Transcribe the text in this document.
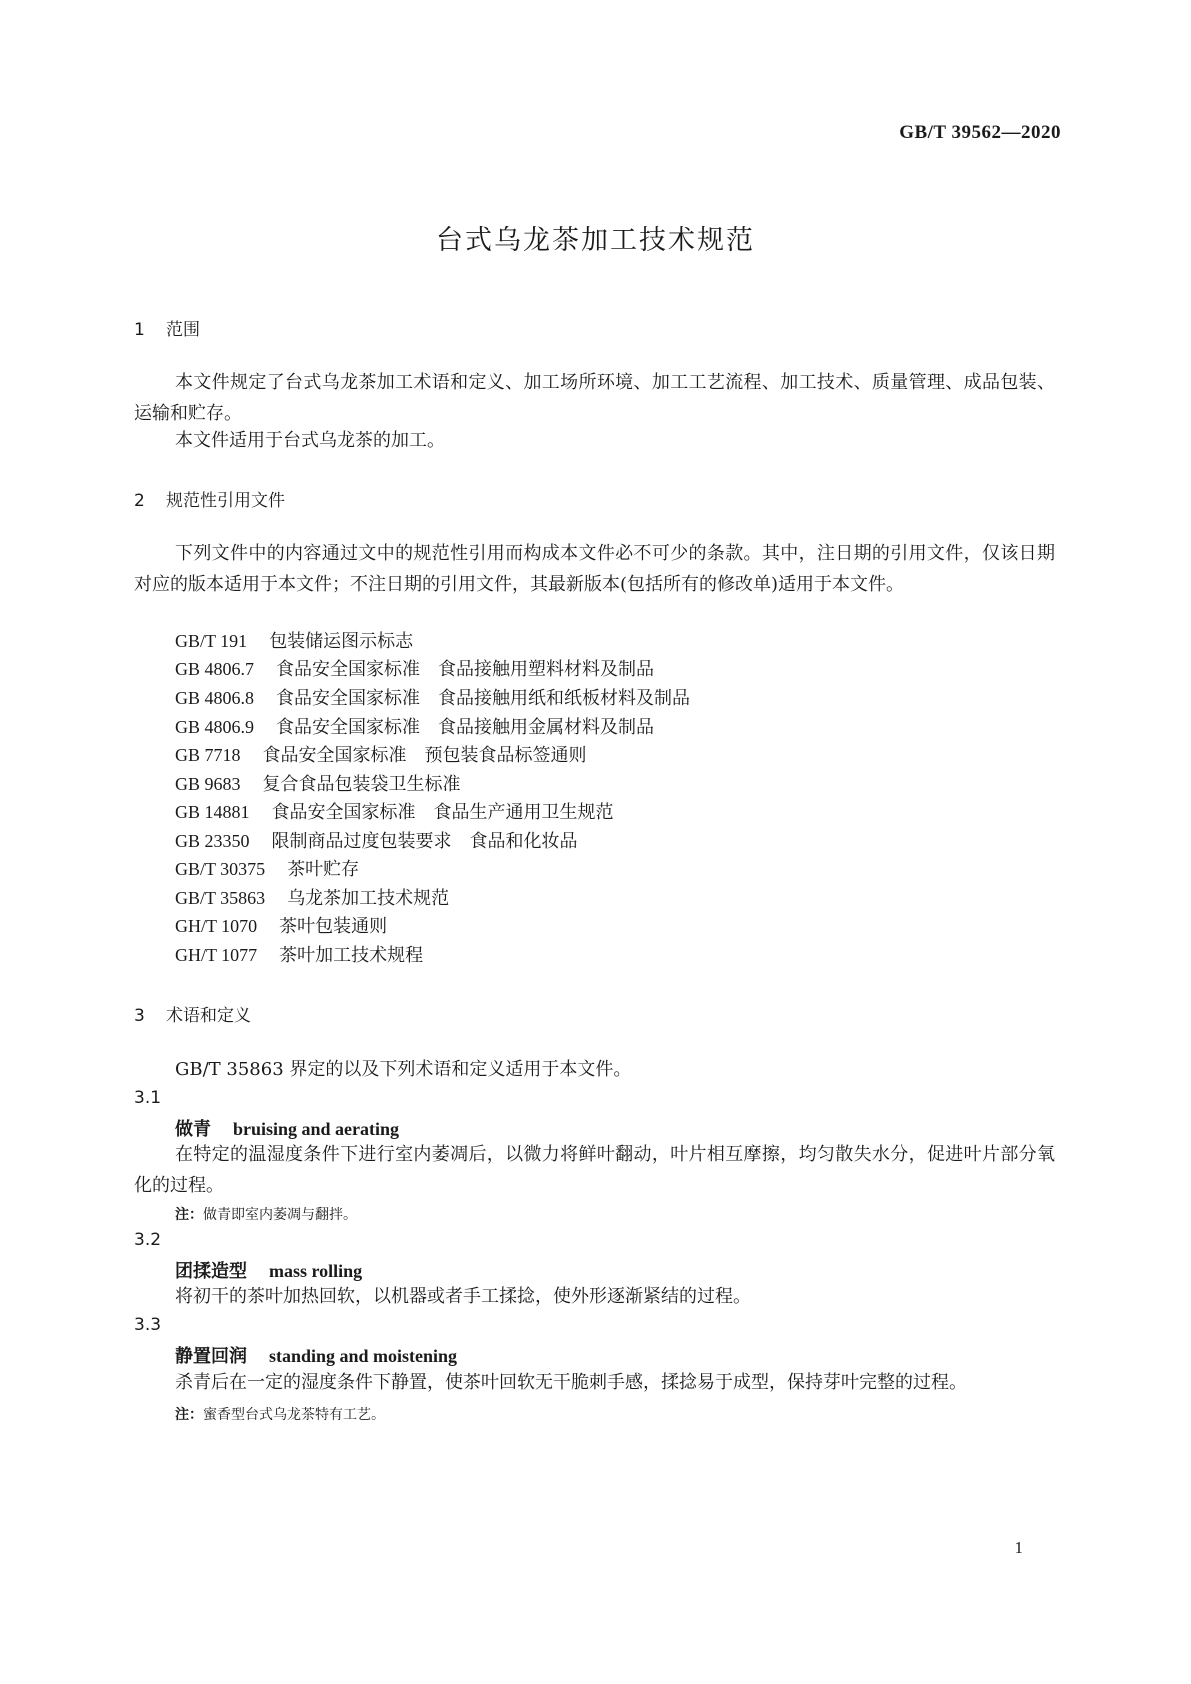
GB/T 39562—2020
台式乌龙茶加工技术规范
1 范围
本文件规定了台式乌龙茶加工术语和定义、加工场所环境、加工工艺流程、加工技术、质量管理、成品包装、运输和贮存。
本文件适用于台式乌龙茶的加工。
2 规范性引用文件
下列文件中的内容通过文中的规范性引用而构成本文件必不可少的条款。其中，注日期的引用文件，仅该日期对应的版本适用于本文件；不注日期的引用文件，其最新版本(包括所有的修改单)适用于本文件。
GB/T 191 包装储运图示标志
GB 4806.7 食品安全国家标准　食品接触用塑料材料及制品
GB 4806.8 食品安全国家标准　食品接触用纸和纸板材料及制品
GB 4806.9 食品安全国家标准　食品接触用金属材料及制品
GB 7718 食品安全国家标准　预包装食品标签通则
GB 9683 复合食品包装袋卫生标准
GB 14881 食品安全国家标准　食品生产通用卫生规范
GB 23350 限制商品过度包装要求　食品和化妆品
GB/T 30375 茶叶贮存
GB/T 35863 乌龙茶加工技术规范
GH/T 1070 茶叶包装通则
GH/T 1077 茶叶加工技术规程
3 术语和定义
GB/T 35863 界定的以及下列术语和定义适用于本文件。
3.1
做青 bruising and aerating
在特定的温湿度条件下进行室内萎凋后，以微力将鲜叶翻动，叶片相互摩擦，均匀散失水分，促进叶片部分氧化的过程。
注：做青即室内萎凋与翻拌。
3.2
团揉造型 mass rolling
将初干的茶叶加热回软，以机器或者手工揉捻，使外形逐渐紧结的过程。
3.3
静置回润 standing and moistening
杀青后在一定的湿度条件下静置，使茶叶回软无干脆刺手感，揉捻易于成型，保持芽叶完整的过程。
注：蜜香型台式乌龙茶特有工艺。
1
